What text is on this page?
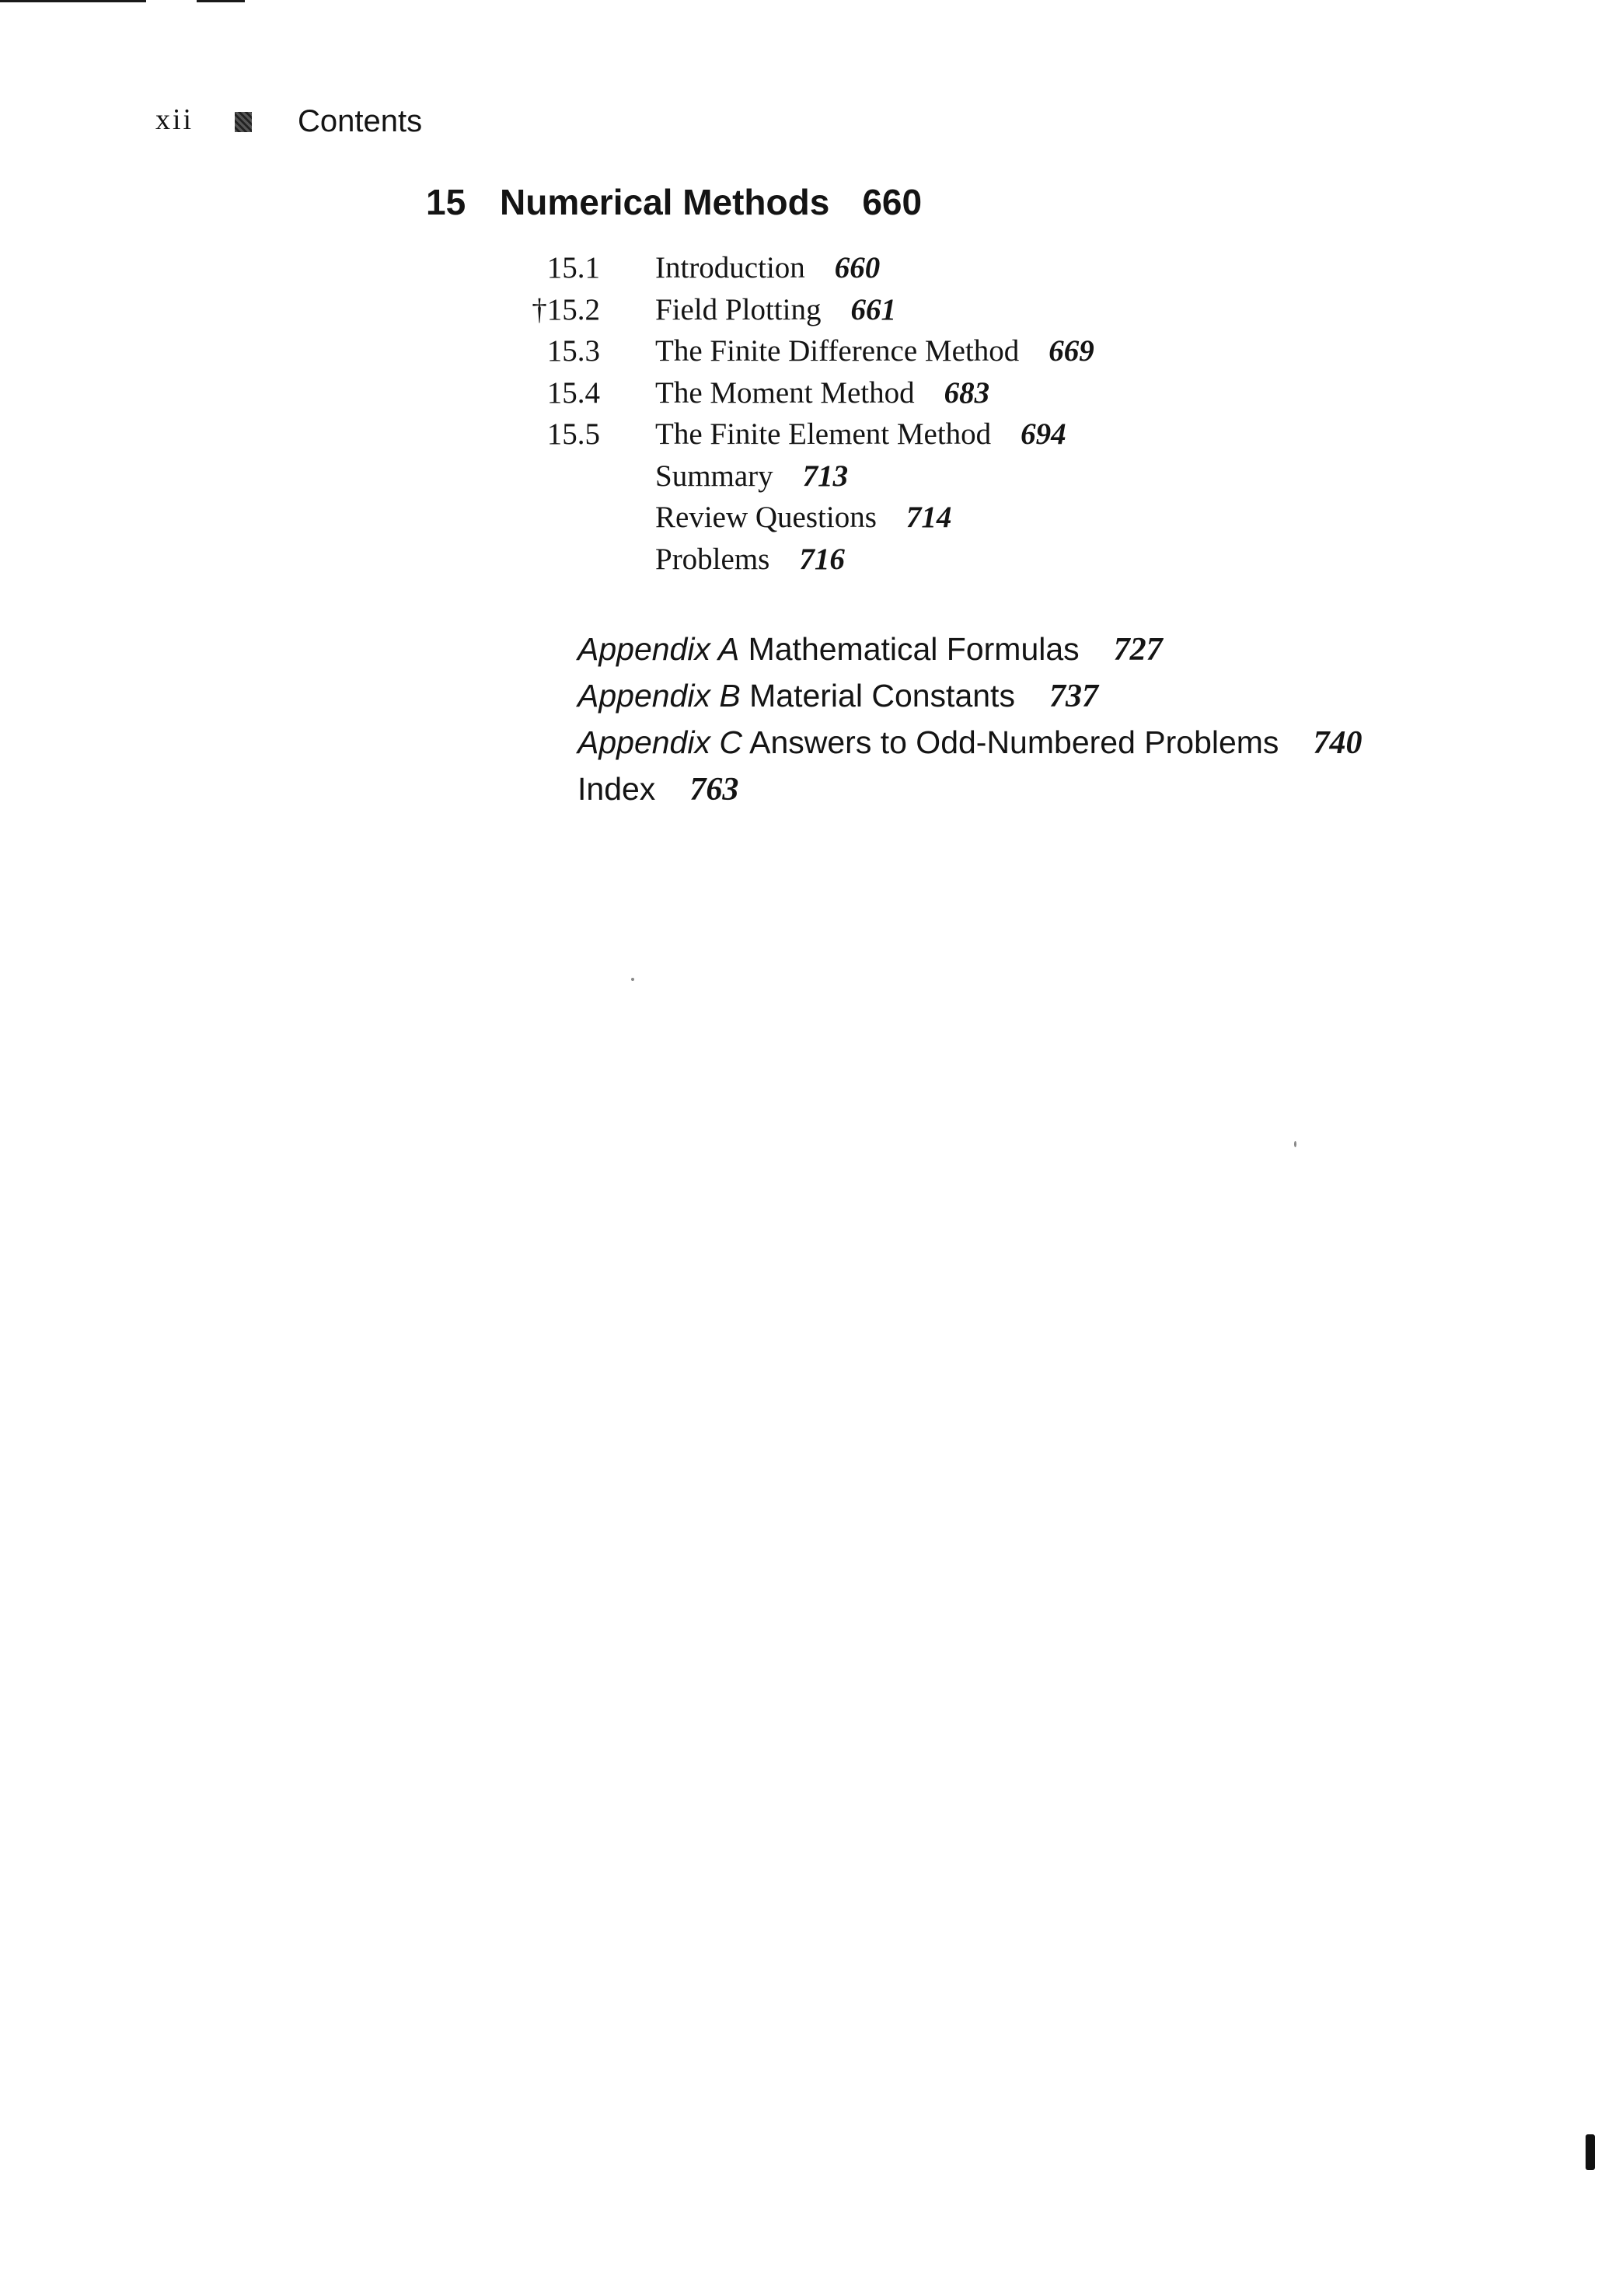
xii	Contents
15 Numerical Methods 660
15.1 Introduction 660
†15.2 Field Plotting 661
15.3 The Finite Difference Method 669
15.4 The Moment Method 683
15.5 The Finite Element Method 694
Summary 713
Review Questions 714
Problems 716
Appendix A Mathematical Formulas 727
Appendix B Material Constants 737
Appendix C Answers to Odd-Numbered Problems 740
Index 763
